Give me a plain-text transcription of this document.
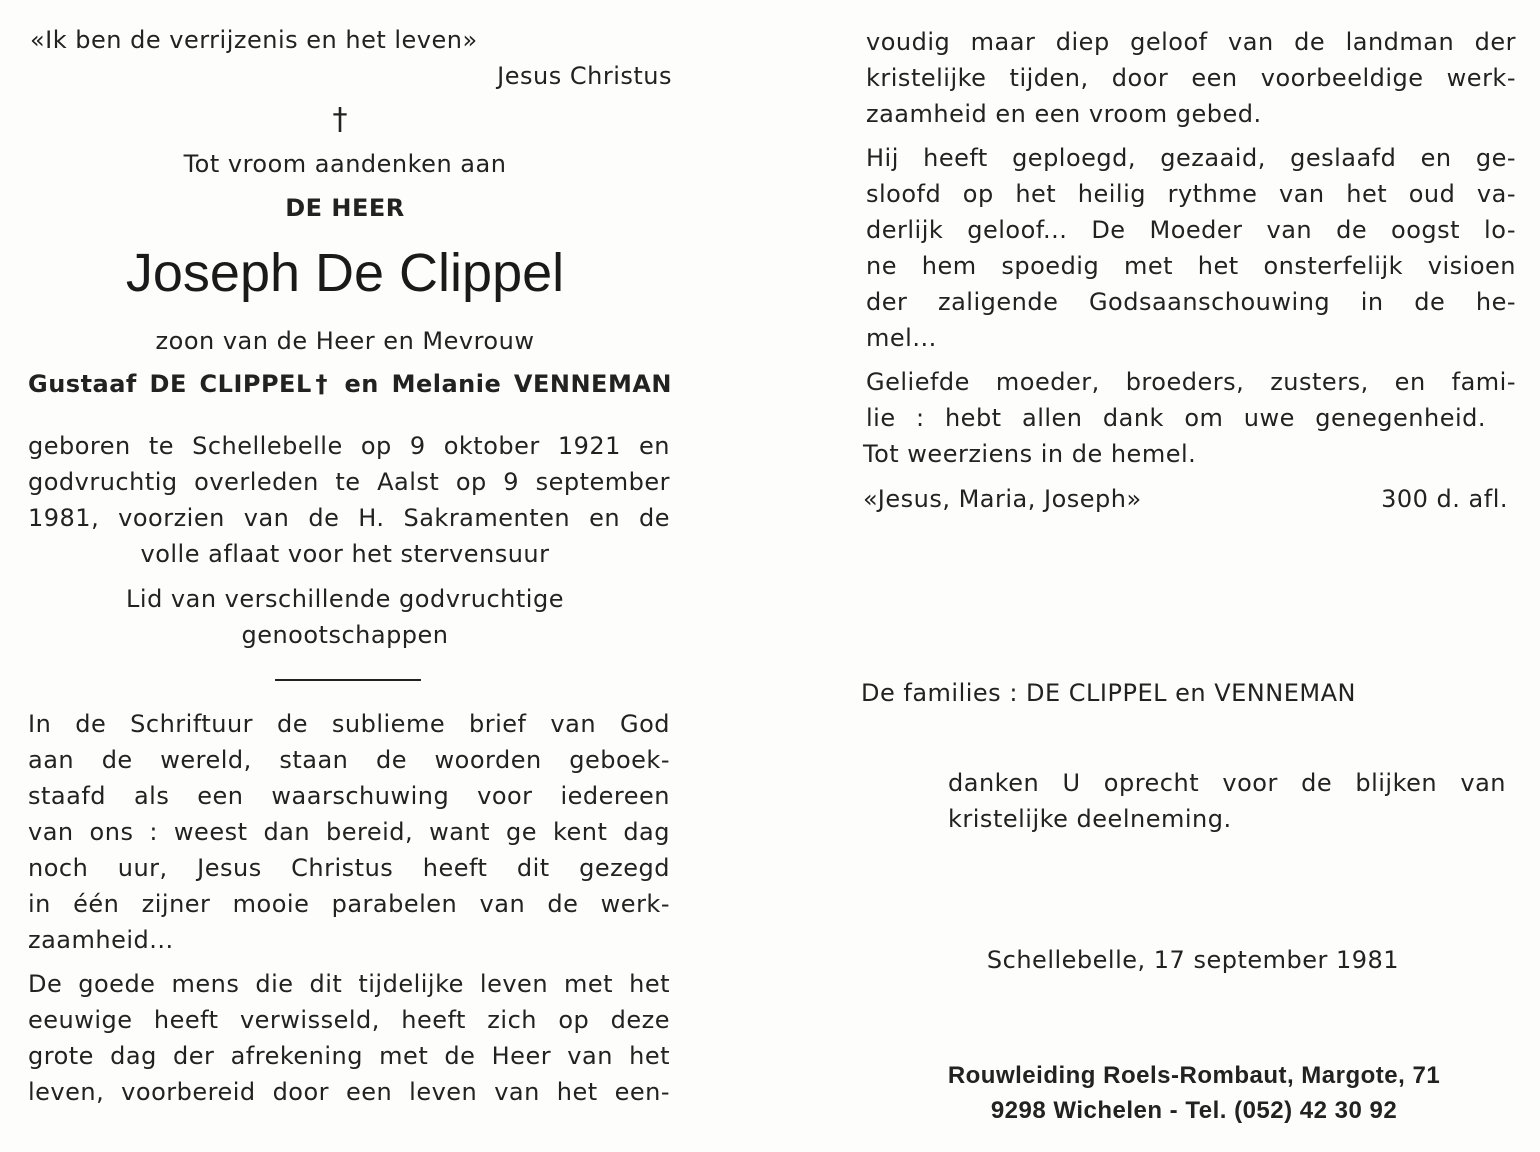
«Ik ben de verrijzenis en het leven»
Jesus Christus
†
Tot vroom aandenken aan
DE HEER
Joseph De Clippel
zoon van de Heer en Mevrouw
Gustaaf DE CLIPPEL† en Melanie VENNEMAN
geboren te Schellebelle op 9 oktober 1921 en
godvruchtig overleden te Aalst op 9 september
1981, voorzien van de H. Sakramenten en de
volle aflaat voor het stervensuur
Lid van verschillende godvruchtige
genootschappen
In de Schriftuur de sublieme brief van God
aan de wereld, staan de woorden geboek-
staafd als een waarschuwing voor iedereen
van ons : weest dan bereid, want ge kent dag
noch uur, Jesus Christus heeft dit gezegd
in één zijner mooie parabelen van de werk-
zaamheid...
De goede mens die dit tijdelijke leven met het
eeuwige heeft verwisseld, heeft zich op deze
grote dag der afrekening met de Heer van het
leven, voorbereid door een leven van het een-
voudig maar diep geloof van de landman der
kristelijke tijden, door een voorbeeldige werk-
zaamheid en een vroom gebed.
Hij heeft geploegd, gezaaid, geslaafd en ge-
sloofd op het heilig rythme van het oud va-
derlijk geloof... De Moeder van de oogst lo-
ne hem spoedig met het onsterfelijk visioen
der zaligende Godsaanschouwing in de he-
mel...
Geliefde moeder, broeders, zusters, en fami-
lie : hebt allen dank om uwe genegenheid.
Tot weerziens in de hemel.
«Jesus, Maria, Joseph»	300 d. afl.
De families : DE CLIPPEL en VENNEMAN
danken U oprecht voor de blijken van
kristelijke deelneming.
Schellebelle, 17 september 1981
Rouwleiding Roels-Rombaut, Margote, 71
9298 Wichelen - Tel. (052) 42 30 92
